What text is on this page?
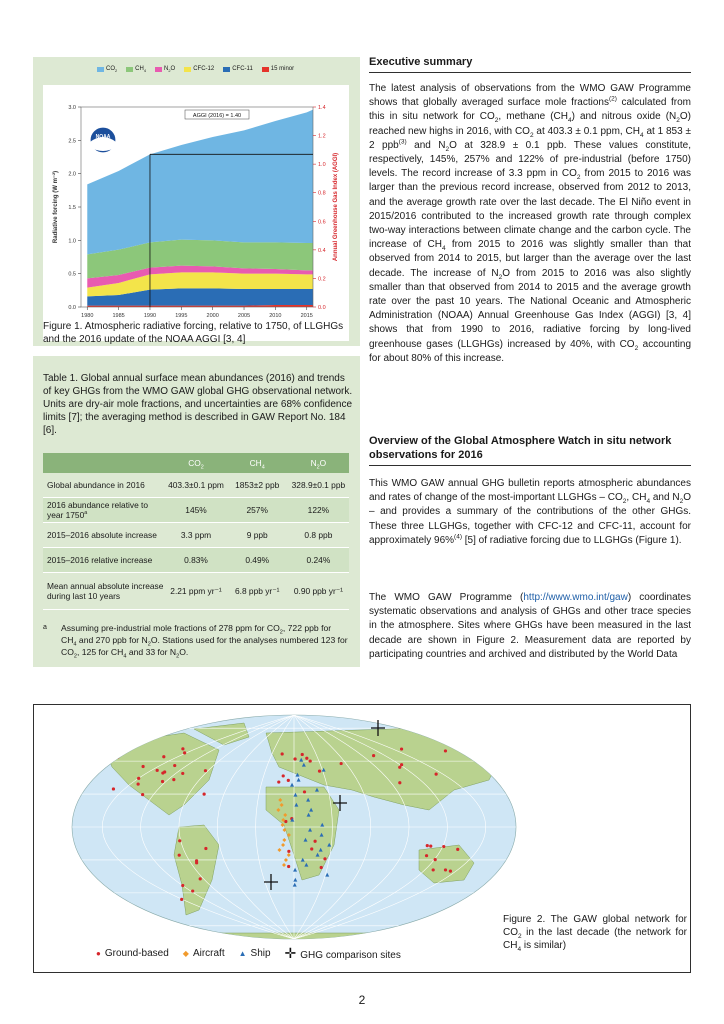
$CO_2$	$CH_4$	$N_2O$	CFC-12	CFC-11	15 minor
0.0
0.5
1.0
1.5
2.0
2.5
3.0
0.0
0.2
0.4
0.6
0.8
1.0
1.2
1.4
1980	1985	1990	1995	2000	2005	2010	2015
Radiative forcing (W m⁻²)	Annual Greenhouse Gas Index (AGGI)
AGGI (2016) = 1.40
NOAA
Figure 1. Atmospheric radiative forcing, relative to 1750, of LLGHGs and the 2016 update of the NOAA AGGI [3, 4]
Table 1. Global annual surface mean abundances (2016) and trends of key GHGs from the WMO GAW global GHG observational network. Units are dry-air mole fractions, and uncertainties are 68% confidence limits [7]; the averaging method is described in GAW Report No. 184 [6].
	$CO_2$	$CH_4$	$N_2O$
Global abundance in 2016	403.3±0.1 ppm	1853±2 ppb	328.9±0.1 ppb
2016 abundance relative to year 1750$^a$	145%	257%	122%
2015–2016 absolute increase	3.3 ppm	9 ppb	0.8 ppb
2015–2016 relative increase	0.83%	0.49%	0.24%
Mean annual absolute increase during last 10 years	2.21 ppm yr⁻¹	6.8 ppb yr⁻¹	0.90 ppb yr⁻¹
a	Assuming pre-industrial mole fractions of 278 ppm for $CO_2$, 722 ppb for $CH_4$ and 270 ppb for $N_2O$. Stations used for the analyses numbered 123 for $CO_2$, 125 for $CH_4$ and 33 for $N_2O$.
Executive summary

The latest analysis of observations from the WMO GAW Programme shows that globally averaged surface mole fractions$^{(2)}$ calculated from this in situ network for $CO_2$, methane $(CH_4)$ and nitrous oxide $(N_2O)$ reached new highs in 2016, with $CO_2$ at 403.3 ± 0.1 ppm, $CH_4$ at 1 853 ± 2 ppb$^{(3)}$ and $N_2O$ at 328.9 ± 0.1 ppb. These values constitute, respectively, 145%, 257% and 122% of pre-industrial (before 1750) levels. The record increase of 3.3 ppm in $CO_2$ from 2015 to 2016 was larger than the previous record increase, observed from 2012 to 2013, and the average growth rate over the last decade. The El Niño event in 2015/2016 contributed to the increased growth rate through complex two-way interactions between climate change and the carbon cycle. The increase of $CH_4$ from 2015 to 2016 was slightly smaller than that observed from 2014 to 2015, but larger than the average over the last decade. The increase of $N_2O$ from 2015 to 2016 was also slightly smaller than that observed from 2014 to 2015 and the average growth rate over the past 10 years. The National Oceanic and Atmospheric Administration (NOAA) Annual Greenhouse Gas Index (AGGI) [3, 4] shows that from 1990 to 2016, radiative forcing by long-lived greenhouse gases (LLGHGs) increased by 40%, with $CO_2$ accounting for about 80% of this increase.

Overview of the Global Atmosphere Watch in situ network observations for 2016

This WMO GAW annual GHG bulletin reports atmospheric abundances and rates of change of the most-important LLGHGs – $CO_2$, $CH_4$ and $N_2O$ – and provides a summary of the contributions of the other GHGs. These three LLGHGs, together with CFC-12 and CFC-11, account for approximately 96%$^{(4)}$ [5] of radiative forcing due to LLGHGs (Figure 1).

The WMO GAW Programme (http://www.wmo.int/gaw) coordinates systematic observations and analysis of GHGs and other trace species in the atmosphere. Sites where GHGs have been measured in the last decade are shown in Figure 2. Measurement data are reported by participating countries and archived and distributed by the World Data

● Ground-based ◆ Aircraft ▲ Ship ✛ GHG comparison sites
Figure 2. The GAW global network for $CO_2$ in the last decade (the network for $CH_4$ is similar)
2
